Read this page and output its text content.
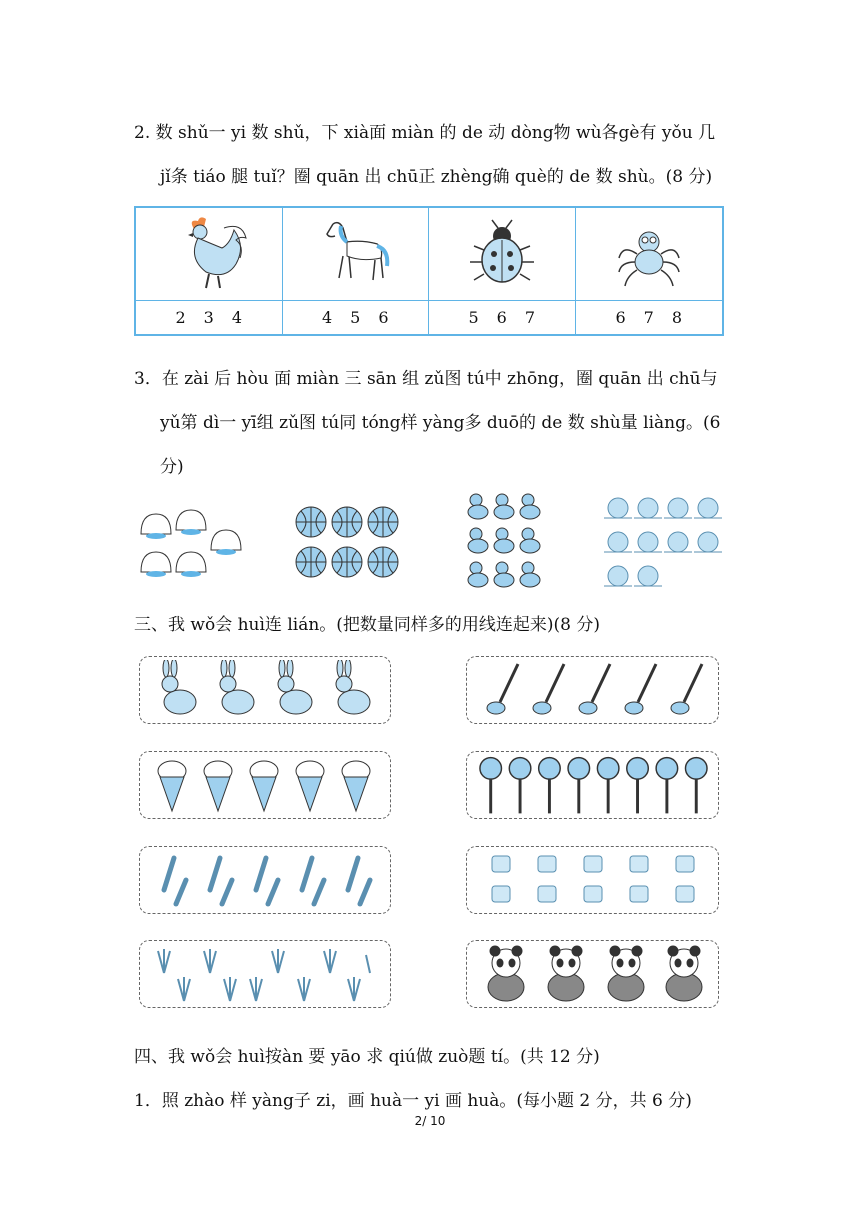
2. 数 shǔ一 yi 数 shǔ，下 xià面 miàn 的 de 动 dòng物 wù各gè有 yǒu 几
jǐ条 tiáo 腿 tuǐ？圈 quān 出 chū正 zhèng确 què的 de 数 shù。(8 分)
2 3 4	4 5 6	5 6 7	6 7 8
3．在 zài 后 hòu 面 miàn 三 sān 组 zǔ图 tú中 zhōng，圈 quān 出 chū与
yǔ第 dì一 yī组 zǔ图 tú同 tóng样 yàng多 duō的 de 数 shù量 liàng。(6
分)
三、我 wǒ会 huì连 lián。(把数量同样多的用线连起来)(8 分)
四、我 wǒ会 huì按àn 要 yāo 求 qiú做 zuò题 tí。(共 12 分)
1．照 zhào 样 yàng子 zi，画 huà一 yi 画 huà。(每小题 2 分，共 6 分)
2/ 10
